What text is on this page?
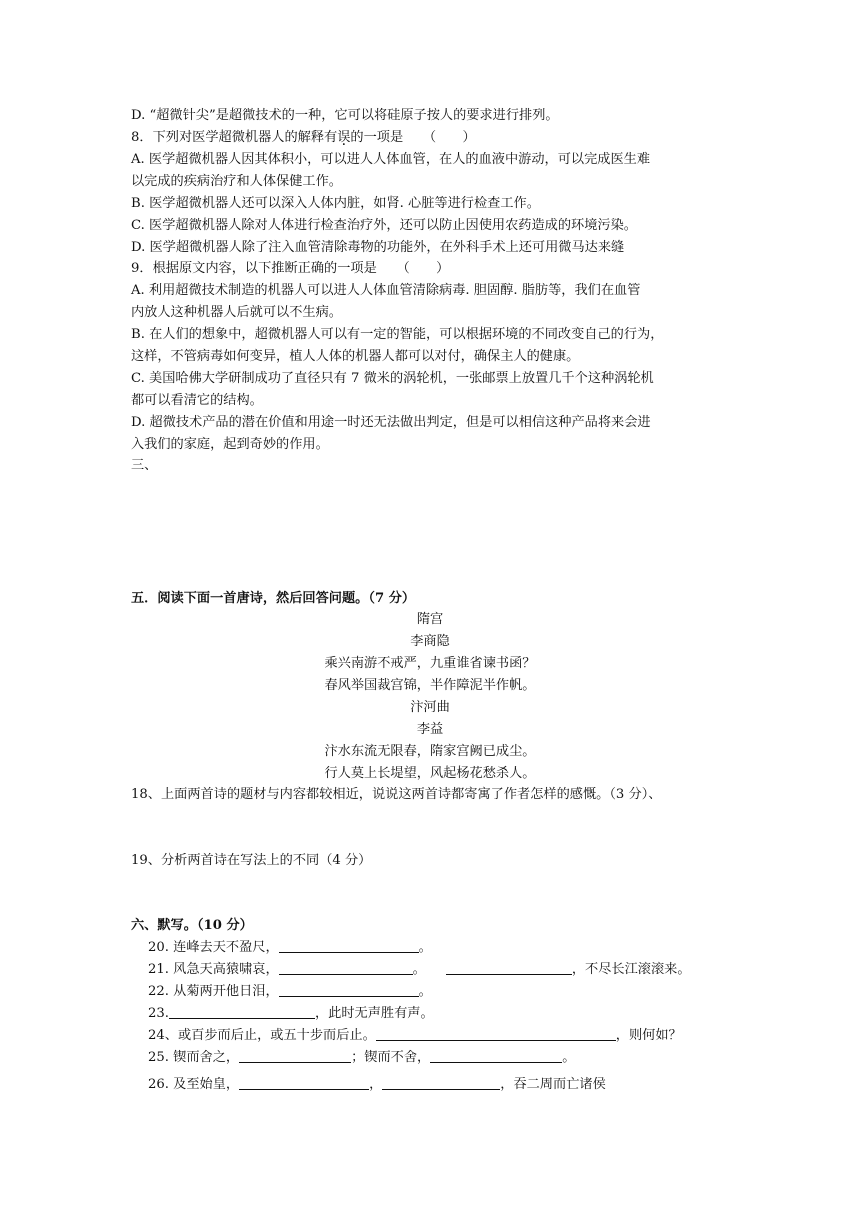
D. “超微针尖”是超微技术的一种，它可以将硅原子按人的要求进行排列。
8．下列对医学超微机器人的解释有误的一项是　　（　　）
A. 医学超微机器人因其体积小，可以进人人体血管，在人的血液中游动，可以完成医生难
以完成的疾病治疗和人体保健工作。
B. 医学超微机器人还可以深入人体内脏，如肾. 心脏等进行检查工作。
C. 医学超微机器人除对人体进行检查治疗外，还可以防止因使用农药造成的环境污染。
D. 医学超微机器人除了注入血管清除毒物的功能外，在外科手术上还可用微马达来缝
9．根据原文内容，以下推断正确的一项是　　（　　）
A. 利用超微技术制造的机器人可以进人人体血管清除病毒. 胆固醇. 脂肪等，我们在血管
内放人这种机器人后就可以不生病。
B. 在人们的想象中，超微机器人可以有一定的智能，可以根据环境的不同改变自己的行为，
这样，不管病毒如何变异，植人人体的机器人都可以对付，确保主人的健康。
C. 美国哈佛大学研制成功了直径只有 7 微米的涡轮机，一张邮票上放置几千个这种涡轮机
都可以看清它的结构。
D. 超微技术产品的潜在价值和用途一时还无法做出判定，但是可以相信这种产品将来会进
入我们的家庭，起到奇妙的作用。
三、
五．阅读下面一首唐诗，然后回答问题。（7 分）
隋宫
李商隐
乘兴南游不戒严，九重谁省谏书函？
春风举国裁宫锦，半作障泥半作帆。
汴河曲
李益
汴水东流无限春，隋家宫阙已成尘。
行人莫上长堤望，风起杨花愁杀人。
18、上面两首诗的题材与内容都较相近，说说这两首诗都寄寓了作者怎样的感慨。（3 分）、
19、分析两首诗在写法上的不同（4 分）
六、默写。（10 分）
20. 连峰去天不盈尺，	。
21. 风急天高猿啸哀，	。	，不尽长江滚滚来。
22. 从菊两开他日泪，	。
23.	，此时无声胜有声。
24、或百步而后止，或五十步而后止。	，则何如？
25. 锲而舍之，	；锲而不舍，	。
26. 及至始皇，	，	，吞二周而亡诸侯
